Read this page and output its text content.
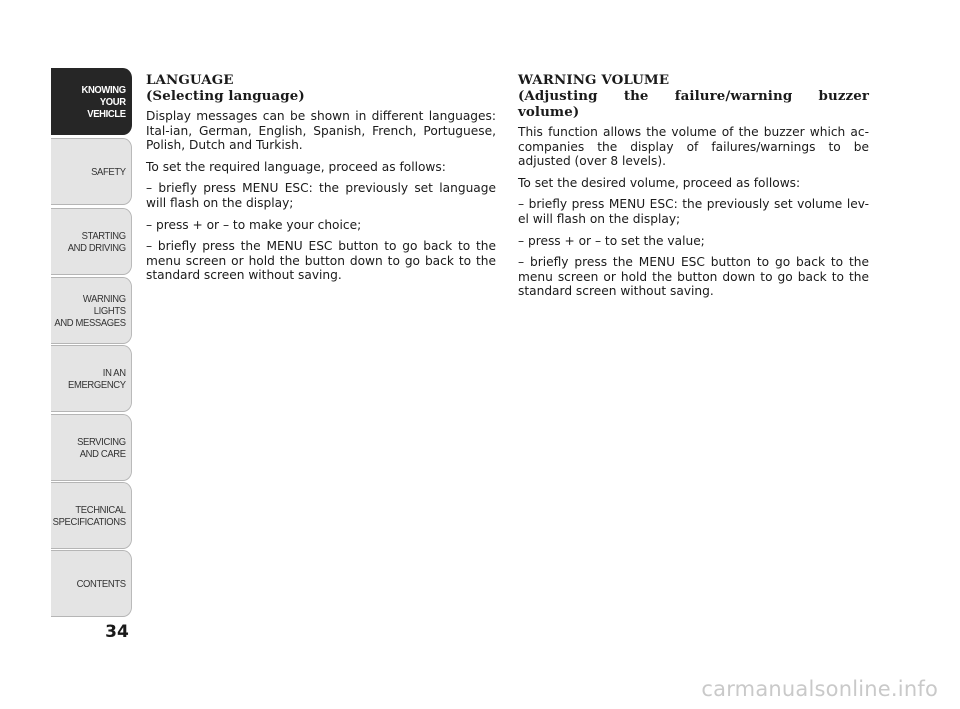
KNOWING
YOUR
VEHICLE
SAFETY
STARTING
AND DRIVING
WARNING LIGHTS
AND MESSAGES
IN AN
EMERGENCY
SERVICING
AND CARE
TECHNICAL
SPECIFICATIONS
CONTENTS
34
LANGUAGE
(Selecting language)

Display messages can be shown in different languages: Ital-ian, German, English, Spanish, French, Portuguese, Polish, Dutch and Turkish.

To set the required language, proceed as follows:

– briefly press MENU ESC: the previously set language will flash on the display;

– press + or – to make your choice;

– briefly press the MENU ESC button to go back to the menu screen or hold the button down to go back to the standard screen without saving.

WARNING VOLUME
(Adjusting the failure/warning buzzer volume)

This function allows the volume of the buzzer which ac-companies the display of failures/warnings to be adjusted (over 8 levels).

To set the desired volume, proceed as follows:

– briefly press MENU ESC: the previously set volume lev-el will flash on the display;

– press + or – to set the value;

– briefly press the MENU ESC button to go back to the menu screen or hold the button down to go back to the standard screen without saving.

carmanualsonline.info
